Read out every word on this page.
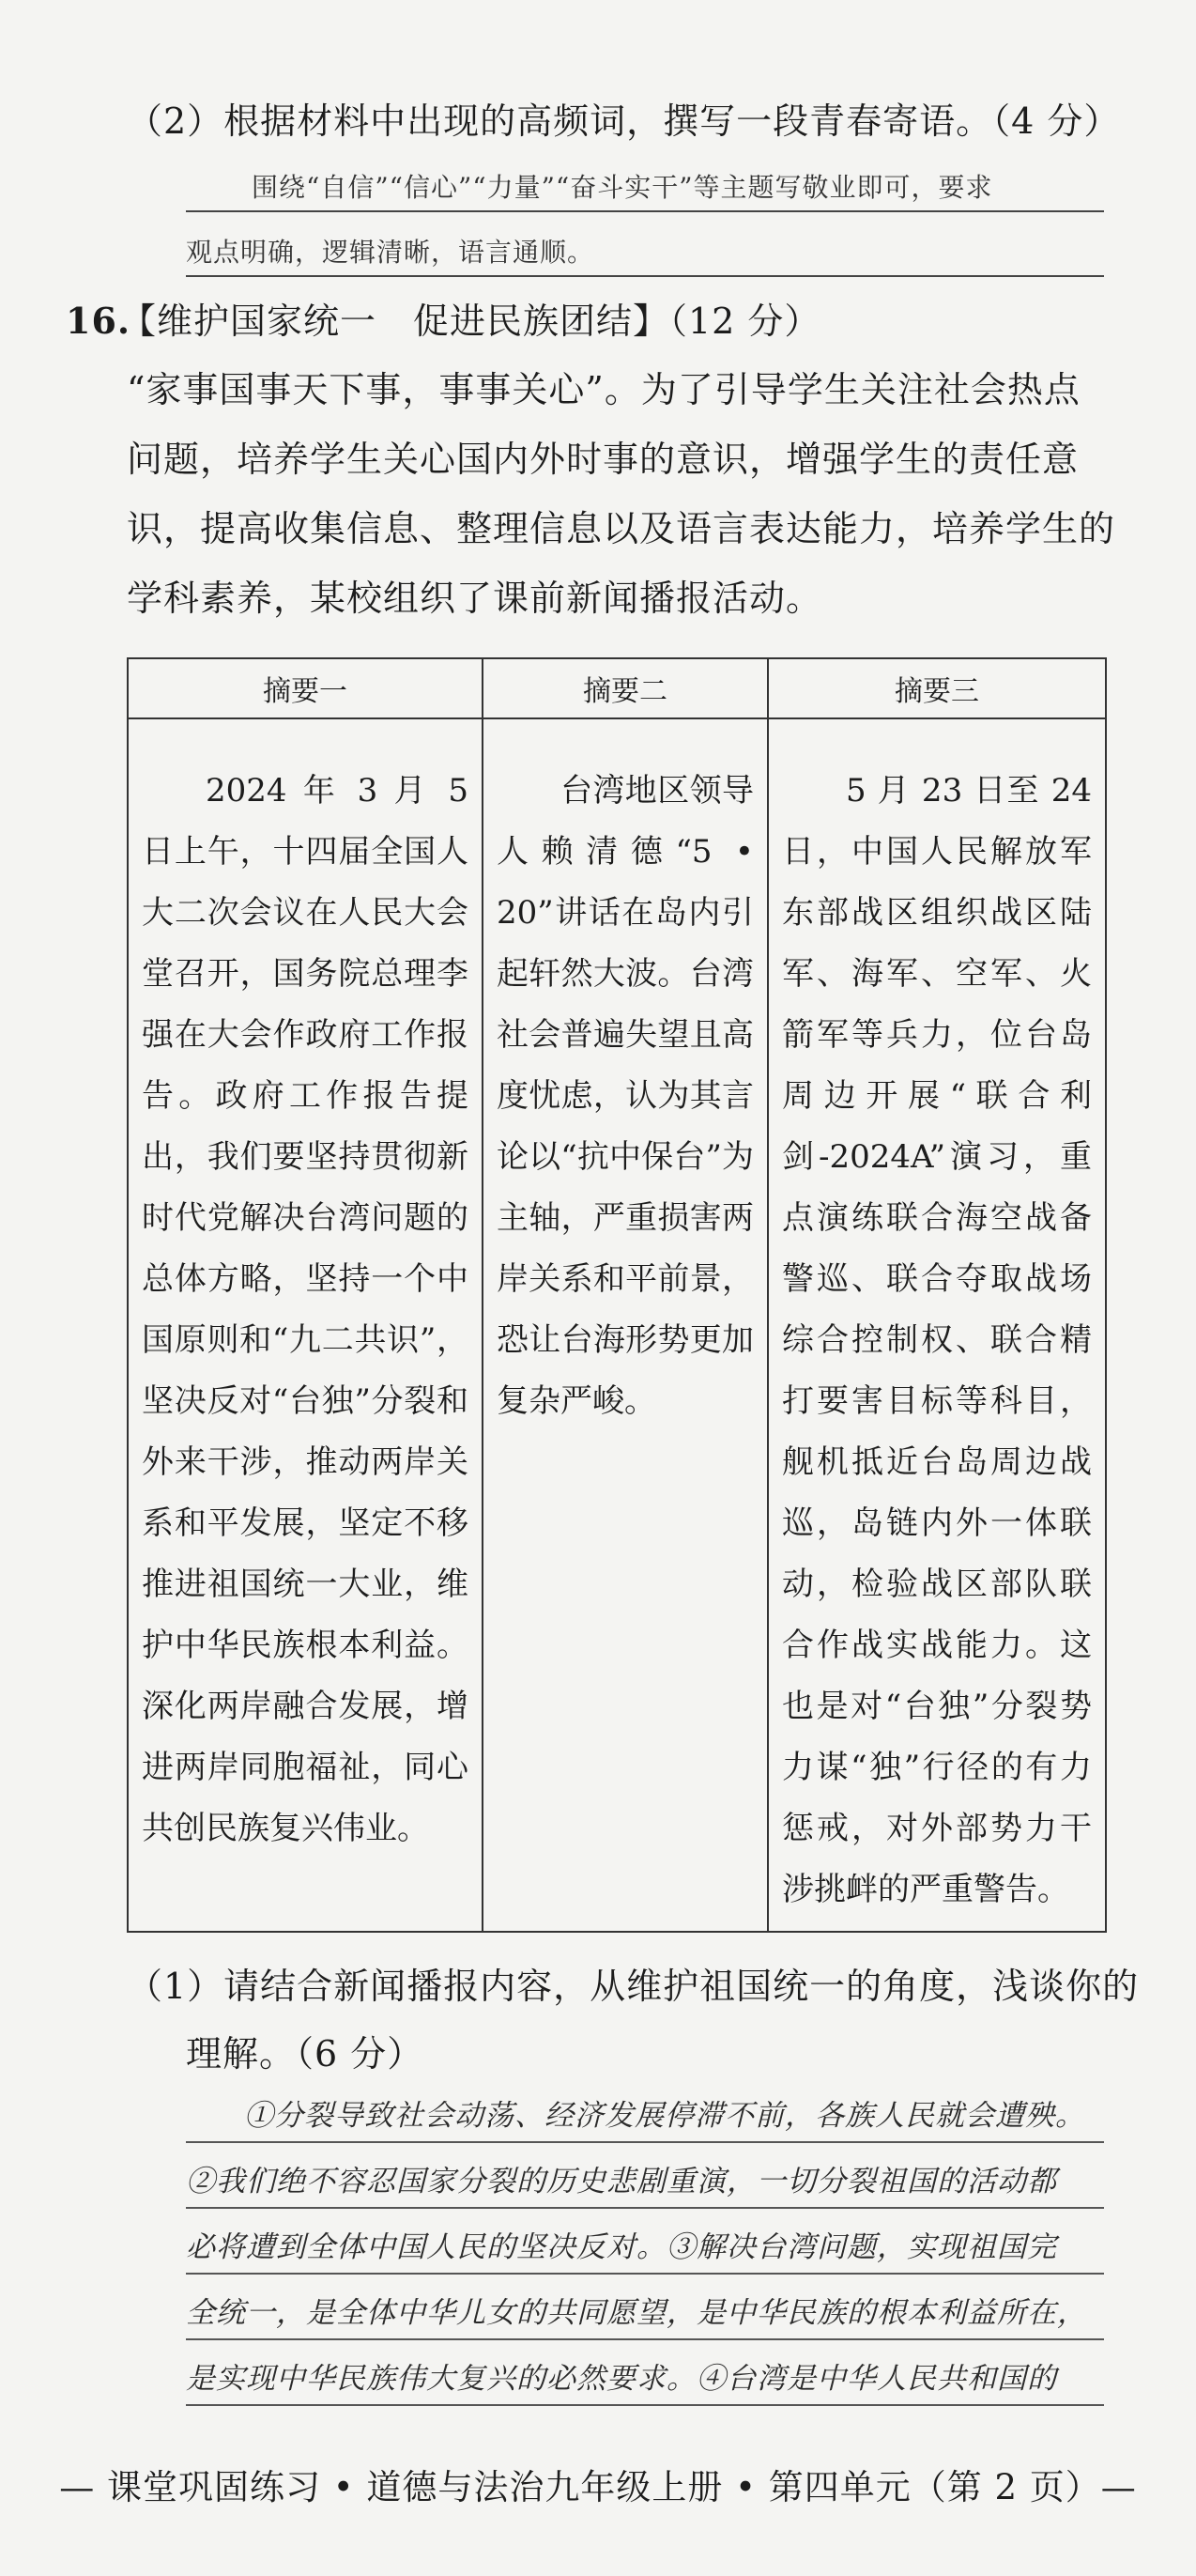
（2）根据材料中出现的高频词，撰写一段青春寄语。（4 分）
围绕“自信”“信心”“力量”“奋斗实干”等主题写敬业即可，要求
观点明确，逻辑清晰，语言通顺。
16.
【维护国家统一　促进民族团结】（12 分）
“家事国事天下事，事事关心”。为了引导学生关注社会热点
问题，培养学生关心国内外时事的意识，增强学生的责任意
识，提高收集信息、整理信息以及语言表达能力，培养学生的
学科素养，某校组织了课前新闻播报活动。
摘要一	摘要二	摘要三

2024 年 3 月 5 日上午，十四届全国人大二次会议在人民大会堂召开，国务院总理李强在大会作政府工作报告。政府工作报告提出，我们要坚持贯彻新时代党解决台湾问题的总体方略，坚持一个中国原则和“九二共识”，坚决反对“台独”分裂和外来干涉，推动两岸关系和平发展，坚定不移推进祖国统一大业，维护中华民族根本利益。深化两岸融合发展，增进两岸同胞福祉，同心共创民族复兴伟业。	台湾地区领导人赖清德“5 • 20”讲话在岛内引起轩然大波。台湾社会普遍失望且高度忧虑，认为其言论以“抗中保台”为主轴，严重损害两岸关系和平前景，恐让台海形势更加复杂严峻。	5 月 23 日至 24 日，中国人民解放军东部战区组织战区陆军、海军、空军、火箭军等兵力，位台岛周边开展“联合利剑-2024A”演习，重点演练联合海空战备警巡、联合夺取战场综合控制权、联合精打要害目标等科目，舰机抵近台岛周边战巡，岛链内外一体联动，检验战区部队联合作战实战能力。这也是对“台独”分裂势力谋“独”行径的有力惩戒，对外部势力干涉挑衅的严重警告。
（1）请结合新闻播报内容，从维护祖国统一的角度，浅谈你的
理解。（6 分）
①分裂导致社会动荡、经济发展停滞不前，各族人民就会遭殃。
②我们绝不容忍国家分裂的历史悲剧重演，一切分裂祖国的活动都
必将遭到全体中国人民的坚决反对。③解决台湾问题，实现祖国完
全统一，是全体中华儿女的共同愿望，是中华民族的根本利益所在，
是实现中华民族伟大复兴的必然要求。④台湾是中华人民共和国的
— 课堂巩固练习 • 道德与法治九年级上册 • 第四单元（第 2 页）—
